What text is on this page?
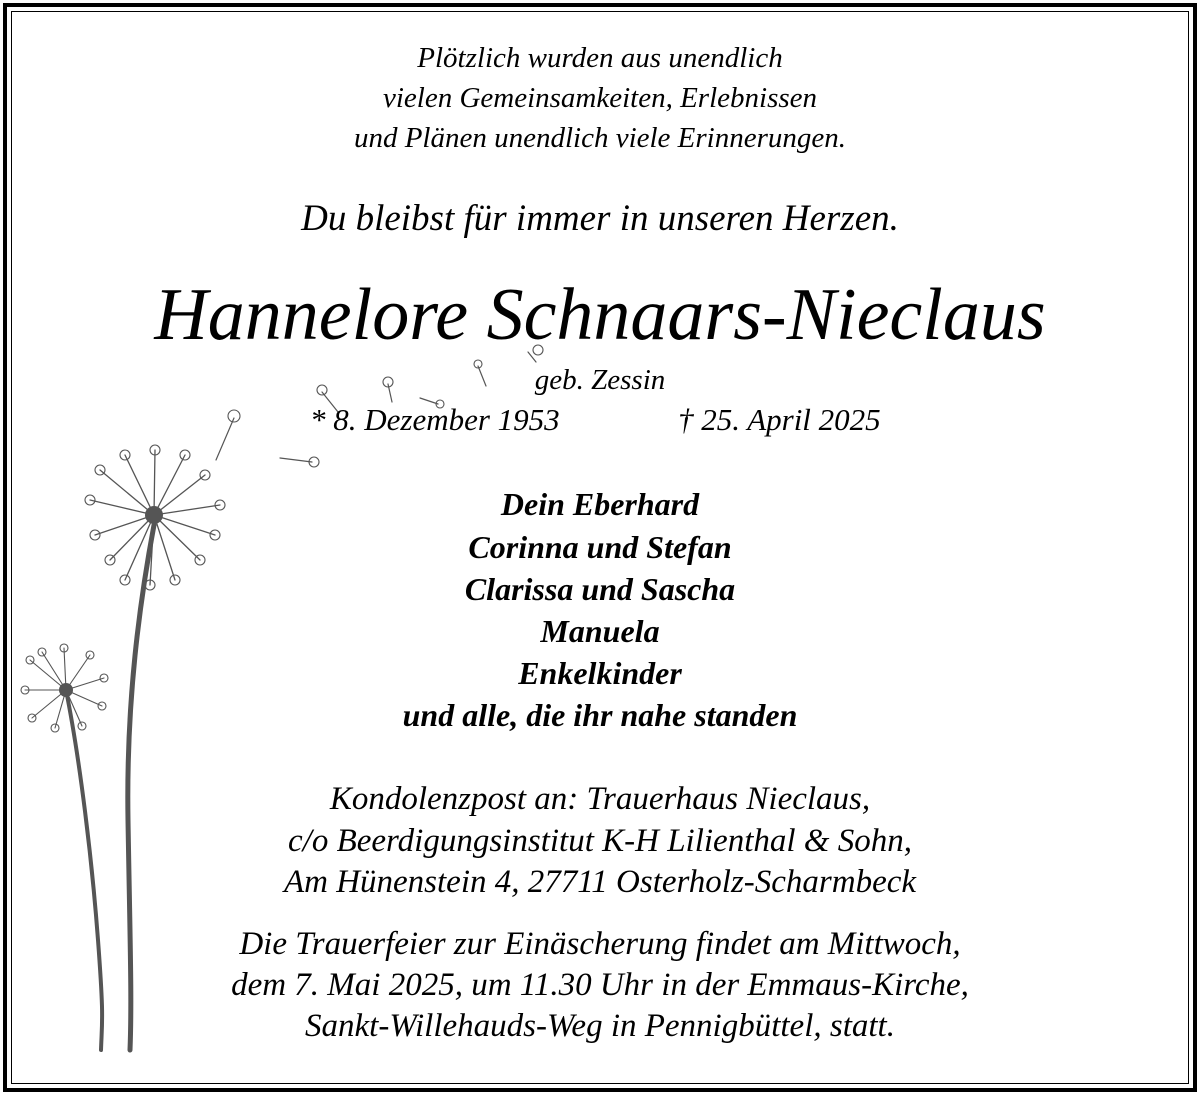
Plötzlich wurden aus unendlich
vielen Gemeinsamkeiten, Erlebnissen
und Plänen unendlich viele Erinnerungen.
Du bleibst für immer in unseren Herzen.
Hannelore Schnaars-Nieclaus
geb. Zessin
* 8. Dezember 1953	† 25. April 2025
Dein Eberhard
Corinna und Stefan
Clarissa und Sascha
Manuela
Enkelkinder
und alle, die ihr nahe standen
Kondolenzpost an: Trauerhaus Nieclaus,
c/o Beerdigungsinstitut K-H Lilienthal & Sohn,
Am Hünenstein 4, 27711 Osterholz-Scharmbeck
Die Trauerfeier zur Einäscherung findet am Mittwoch,
dem 7. Mai 2025, um 11.30 Uhr in der Emmaus-Kirche,
Sankt-Willehauds-Weg in Pennigbüttel, statt.
